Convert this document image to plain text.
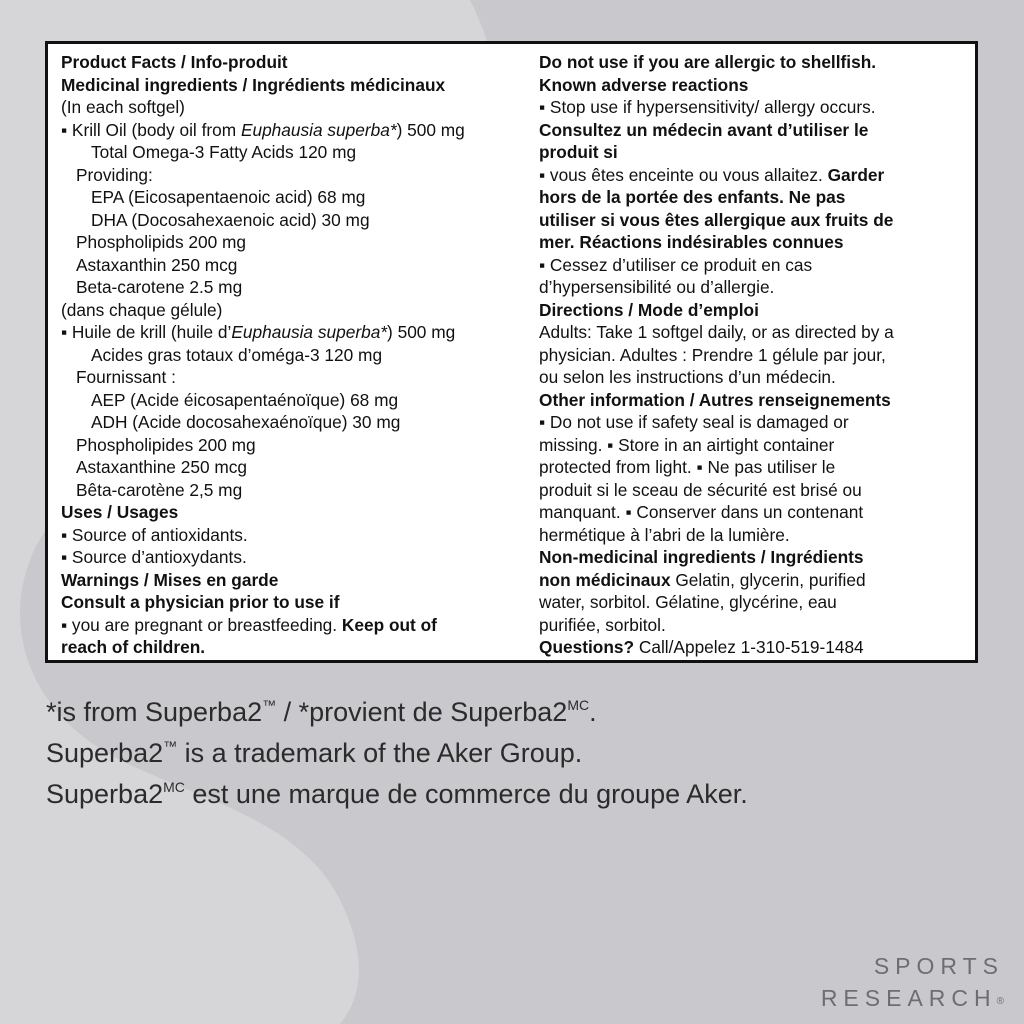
Product Facts / Info-produit

Medicinal ingredients / Ingrédients médicinaux

(In each softgel)

▪ Krill Oil (body oil from Euphausia superba*) 500 mg

Total Omega-3 Fatty Acids 120 mg

Providing:

EPA (Eicosapentaenoic acid) 68 mg

DHA (Docosahexaenoic acid) 30 mg

Phospholipids 200 mg

Astaxanthin 250 mcg

Beta-carotene 2.5 mg

(dans chaque gélule)

▪ Huile de krill (huile d’Euphausia superba*) 500 mg

Acides gras totaux d’oméga-3 120 mg

Fournissant :

AEP (Acide éicosapentaénoïque) 68 mg

ADH (Acide docosahexaénoïque) 30 mg

Phospholipides 200 mg

Astaxanthine 250 mcg

Bêta-carotène 2,5 mg

Uses / Usages

▪ Source of antioxidants.

▪ Source d’antioxydants.

Warnings / Mises en garde

Consult a physician prior to use if

▪ you are pregnant or breastfeeding. Keep out of

reach of children.

Do not use if you are allergic to shellfish.

Known adverse reactions

▪ Stop use if hypersensitivity/ allergy occurs.

Consultez un médecin avant d’utiliser le

produit si

▪ vous êtes enceinte ou vous allaitez. Garder

hors de la portée des enfants. Ne pas

utiliser si vous êtes allergique aux fruits de

mer. Réactions indésirables connues

▪ Cessez d’utiliser ce produit en cas

d’hypersensibilité ou d’allergie.

Directions / Mode d’emploi

Adults: Take 1 softgel daily, or as directed by a

physician. Adultes : Prendre 1 gélule par jour,

ou selon les instructions d’un médecin.

Other information / Autres renseignements

▪ Do not use if safety seal is damaged or

missing. ▪ Store in an airtight container

protected from light. ▪ Ne pas utiliser le

produit si le sceau de sécurité est brisé ou

manquant. ▪ Conserver dans un contenant

hermétique à l’abri de la lumière.

Non-medicinal ingredients / Ingrédients

non médicinaux Gelatin, glycerin, purified

water, sorbitol. Gélatine, glycérine, eau

purifiée, sorbitol.

Questions? Call/Appelez 1-310-519-1484

*is from Superba2™ / *provient de $Superba2^{MC}$.

Superba2™ is a trademark of the Aker Group.

$Superba2^{MC}$ est une marque de commerce du groupe Aker.

SPORTS
RESEARCH®
